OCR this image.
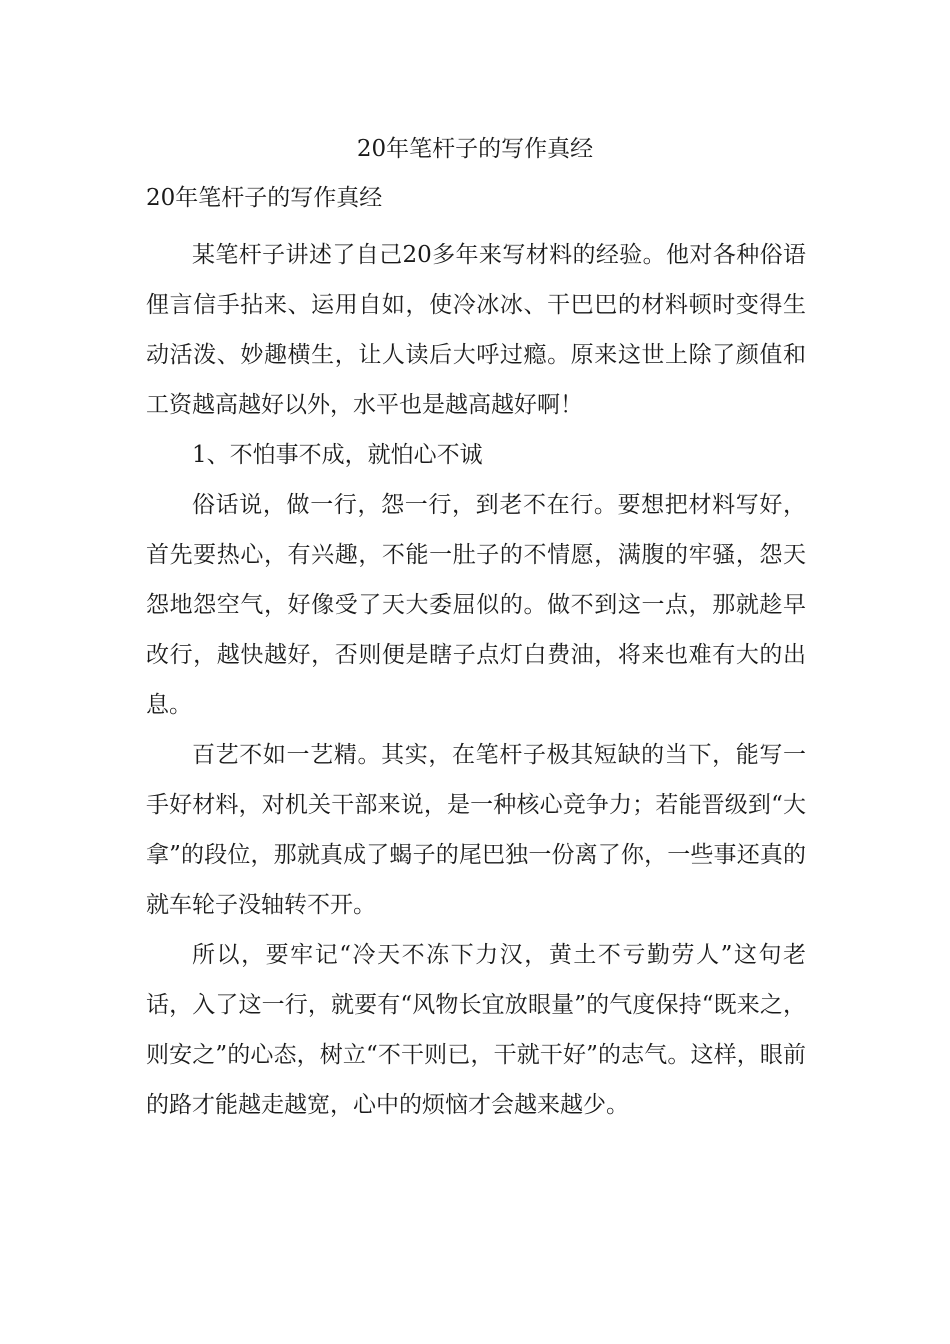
20年笔杆子的写作真经
20年笔杆子的写作真经

某笔杆子讲述了自己20多年来写材料的经验。他对各种俗语俚言信手拈来、运用自如，使冷冰冰、干巴巴的材料顿时变得生动活泼、妙趣横生，让人读后大呼过瘾。原来这世上除了颜值和工资越高越好以外，水平也是越高越好啊！

1、不怕事不成，就怕心不诚

俗话说，做一行，怨一行，到老不在行。要想把材料写好，首先要热心，有兴趣，不能一肚子的不情愿，满腹的牢骚，怨天怨地怨空气，好像受了天大委屈似的。做不到这一点，那就趁早改行，越快越好，否则便是瞎子点灯白费油，将来也难有大的出息。

百艺不如一艺精。其实，在笔杆子极其短缺的当下，能写一手好材料，对机关干部来说，是一种核心竞争力；若能晋级到“大拿”的段位，那就真成了蝎子的尾巴独一份离了你，一些事还真的就车轮子没轴转不开。

所以，要牢记“冷天不冻下力汉，黄土不亏勤劳人”这句老话，入了这一行，就要有“风物长宜放眼量”的气度保持“既来之，则安之”的心态，树立“不干则已，干就干好”的志气。这样，眼前的路才能越走越宽，心中的烦恼才会越来越少。
